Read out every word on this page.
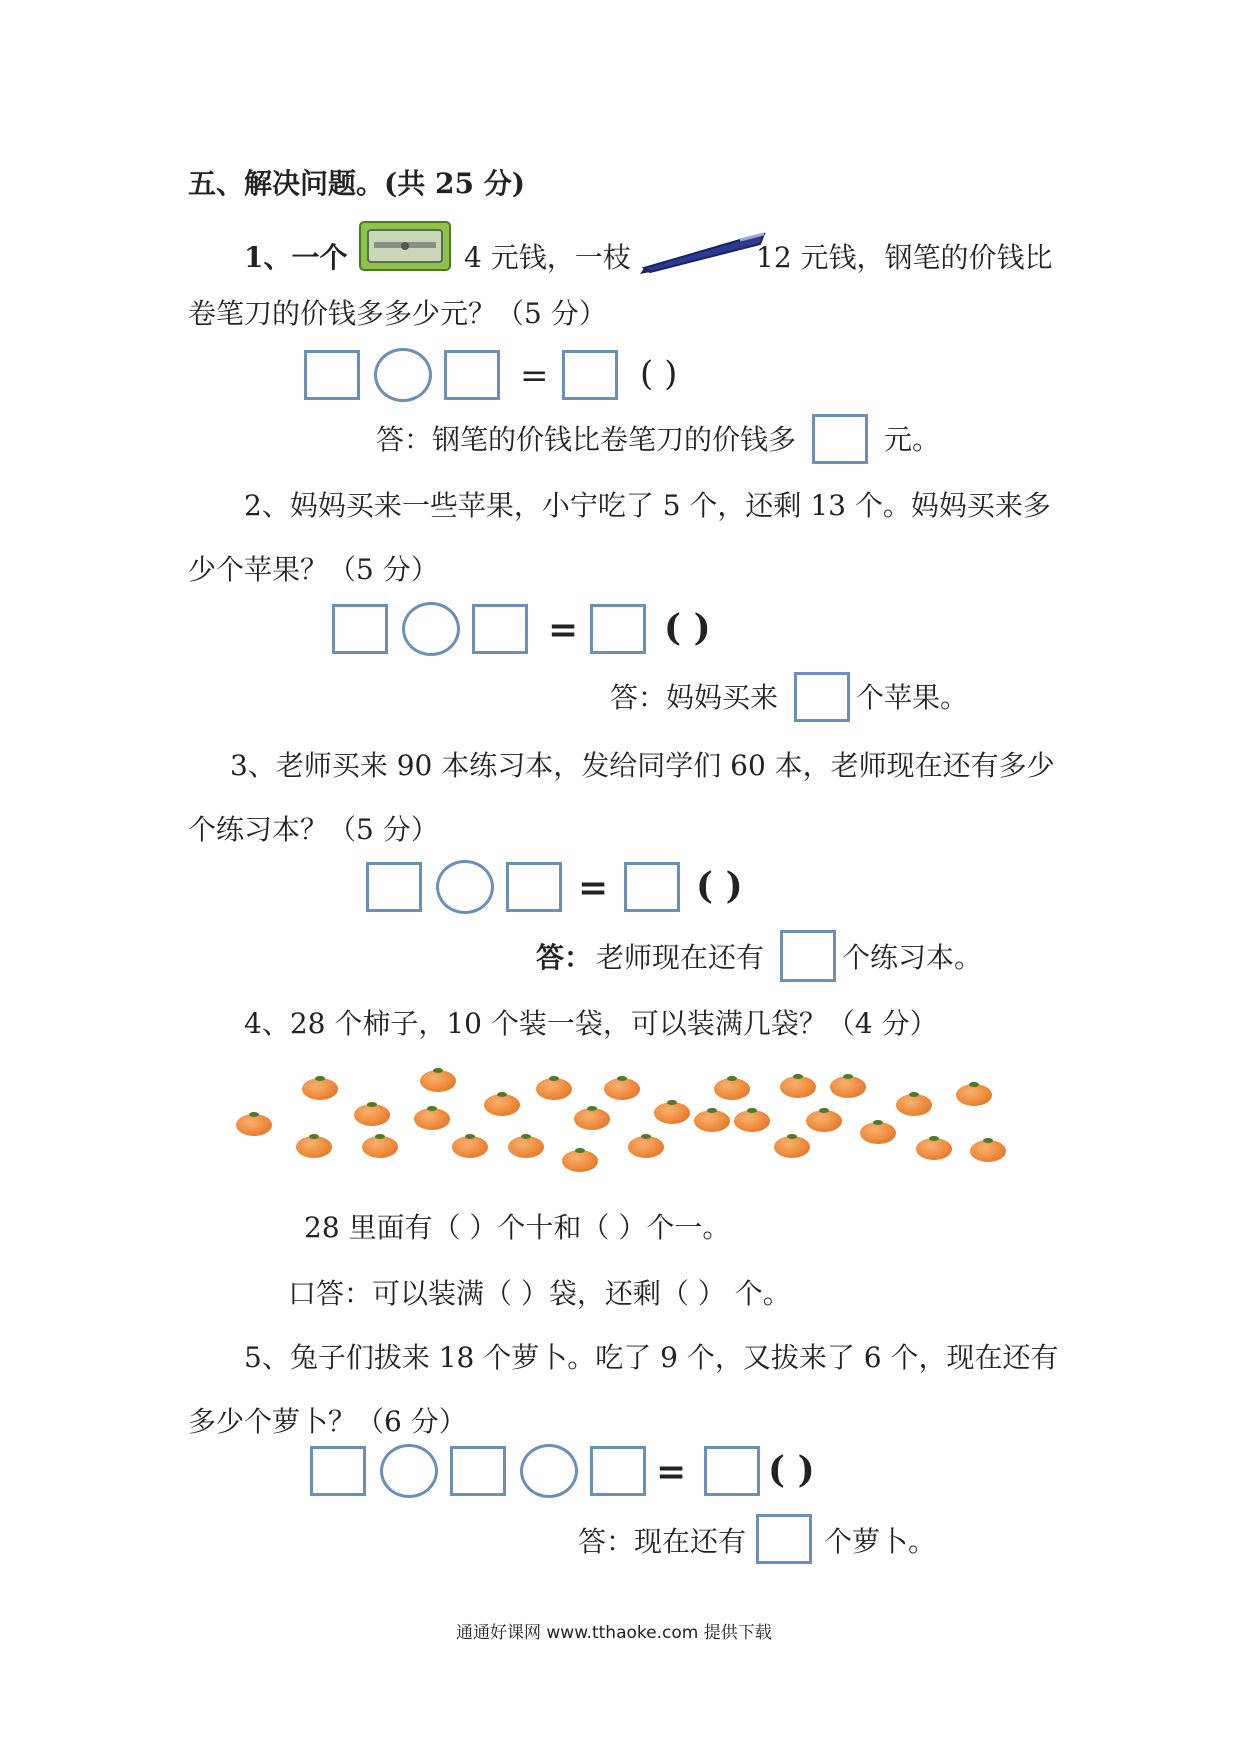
五、解决问题。(共 25 分)
1、一个	4 元钱，一枝	12 元钱，钢笔的价钱比
卷笔刀的价钱多多少元？（5 分）
=	( )
答：钢笔的价钱比卷笔刀的价钱多	元。
2、妈妈买来一些苹果，小宁吃了 5 个，还剩 13 个。妈妈买来多
少个苹果？（5 分）
= ( )
答：妈妈买来	个苹果。
3、老师买来 90 本练习本，发给同学们 60 本，老师现在还有多少
个练习本？（5 分）
= ( )
答： 老师现在还有	个练习本。
4、28 个柿子，10 个装一袋，可以装满几袋？（4 分）
28 里面有（ ）个十和（ ）个一。
口答：可以装满（ ）袋，还剩（ ） 个。
5、兔子们拔来 18 个萝卜。吃了 9 个，又拔来了 6 个，现在还有
多少个萝卜？（6 分）
= ( )
答：现在还有	个萝卜。
通通好课网 www.tthaoke.com 提供下载
